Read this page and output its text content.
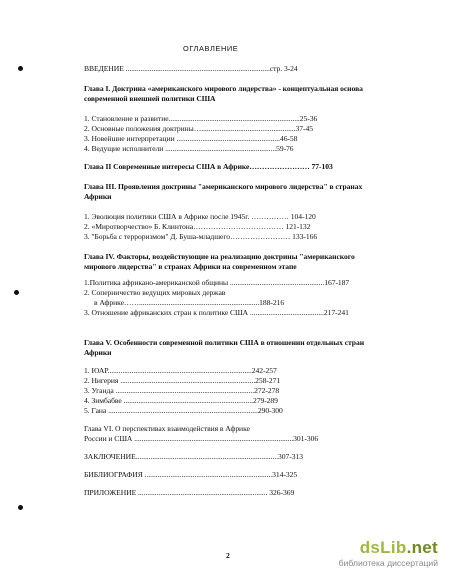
ОГЛАВЛЕНИЕ
ВВЕДЕНИЕ ..............................................................................стр. 3-24
Глава I. Доктрина «американского мирового лидерства» - концептуальная основа
современной внешней политики США
1. Становление и развитие.......................................................................25-36
2. Основные положения доктрины…...................................................37-45
3. Новейшие интерпретации ........................................................46-58
4. Ведущие исполнители ............................................................59-76
Глава II Современные интересы США в Африке…………………… 77-103
Глава III. Проявления доктрины "американского мирового лидерства" в странах
Африки
1. Эволюция политики США в Африке после 1945г. …………… 104-120
2. «Миротворчество» Б. Клинтона……………………………… 121-132
3. "Борьба с терроризмом" Д. Буша-младшего…………………… 133-166
Глава IV. Факторы, воздействующие на реализацию доктрины "американского
мирового лидерства" в странах Африки на современном этапе
1.Политика африкано-американской общины ...................................................167-187
2. Соперничество ведущих мировых держав
в Африке…….................................................................188-216
3. Отношение африканских стран к политике США ........................................217-241
Глава V. Особенности современной политики США в отношении отдельных стран
Африки
1. ЮАР..............................................................................242-257
2. Нигерия .........................................................................258-271
3. Уганда ...........................................................................272-278
4. Зимбабве ......................................................................279-289
5. Гана .................................................................................290-300
Глава VI. О перспективах взаимодействия в Африке
России и США ......................................................................................301-306
ЗАКЛЮЧЕНИЕ.............................................................................307-313
БИБЛИОГРАФИЯ .....................................................................314-325
ПРИЛОЖЕНИЕ ...................................................................... 326-369
2	dsLib.net
библиотека диссертаций
